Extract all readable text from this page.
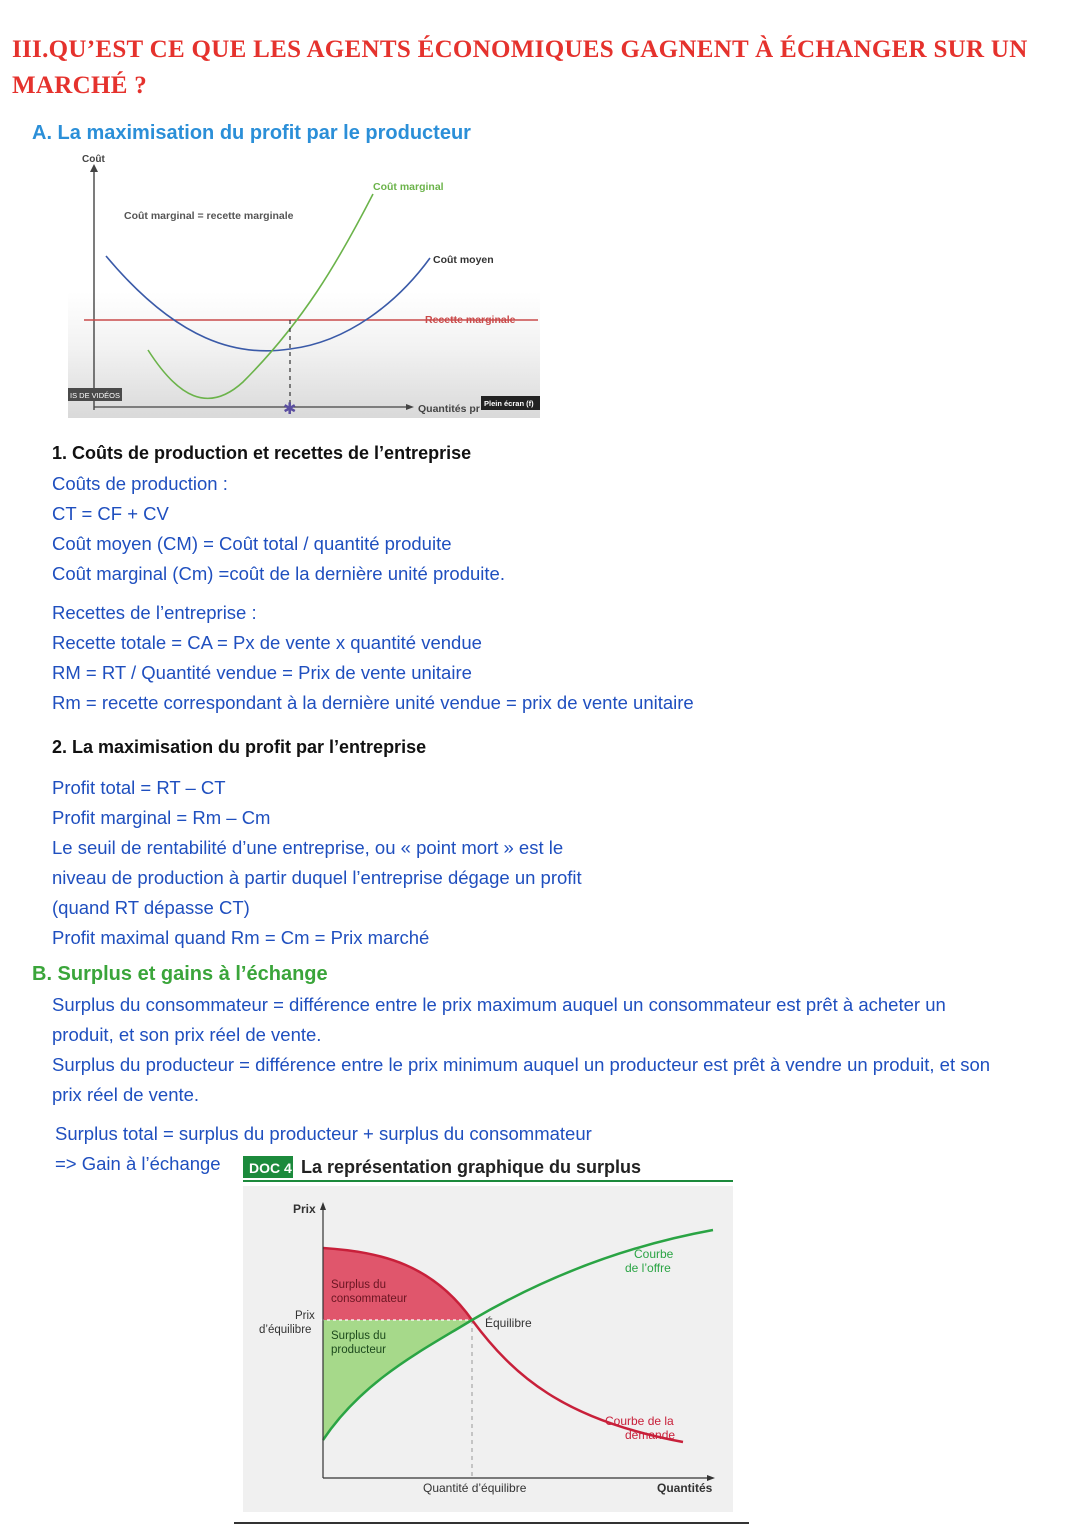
III.QU’EST CE QUE LES AGENTS ÉCONOMIQUES GAGNENT À ÉCHANGER SUR UN MARCHÉ ?
A. La maximisation du profit par le producteur
✱
Coût
Coût marginal = recette marginale
Coût marginal
Coût moyen
Recette marginale
Quantités pr
IS DE VIDÉOS
Plein écran (f)
1. Coûts de production et recettes de l’entreprise
Coûts de production :
CT = CF + CV
Coût moyen (CM) = Coût total / quantité produite
Coût marginal (Cm) =coût de la dernière unité produite.
Recettes de l’entreprise :
Recette totale = CA = Px de vente x quantité vendue
RM = RT / Quantité vendue = Prix de vente unitaire
Rm = recette correspondant à la dernière unité vendue = prix de vente unitaire
2. La maximisation du profit par l’entreprise
Profit total = RT – CT
Profit marginal = Rm – Cm
Le seuil de rentabilité d’une entreprise, ou « point mort » est le
niveau de production à partir duquel l’entreprise dégage un profit
(quand RT dépasse CT)
Profit maximal quand Rm = Cm = Prix marché
B. Surplus et gains à l’échange
Surplus du consommateur = différence entre le prix maximum auquel un consommateur est prêt à acheter un
produit, et son prix réel de vente.
Surplus du producteur = différence entre le prix minimum auquel un producteur est prêt à vendre un produit, et son
prix réel de vente.
Surplus total = surplus du producteur + surplus du consommateur
=> Gain à l’échange DOC 4 La représentation graphique du surplus
Prix
Courbe
de l’offre
Surplus du
consommateur
Prix
d’équilibre Surplus du
producteur
Équilibre
Courbe de la
demande
Quantité d’équilibre	Quantités
